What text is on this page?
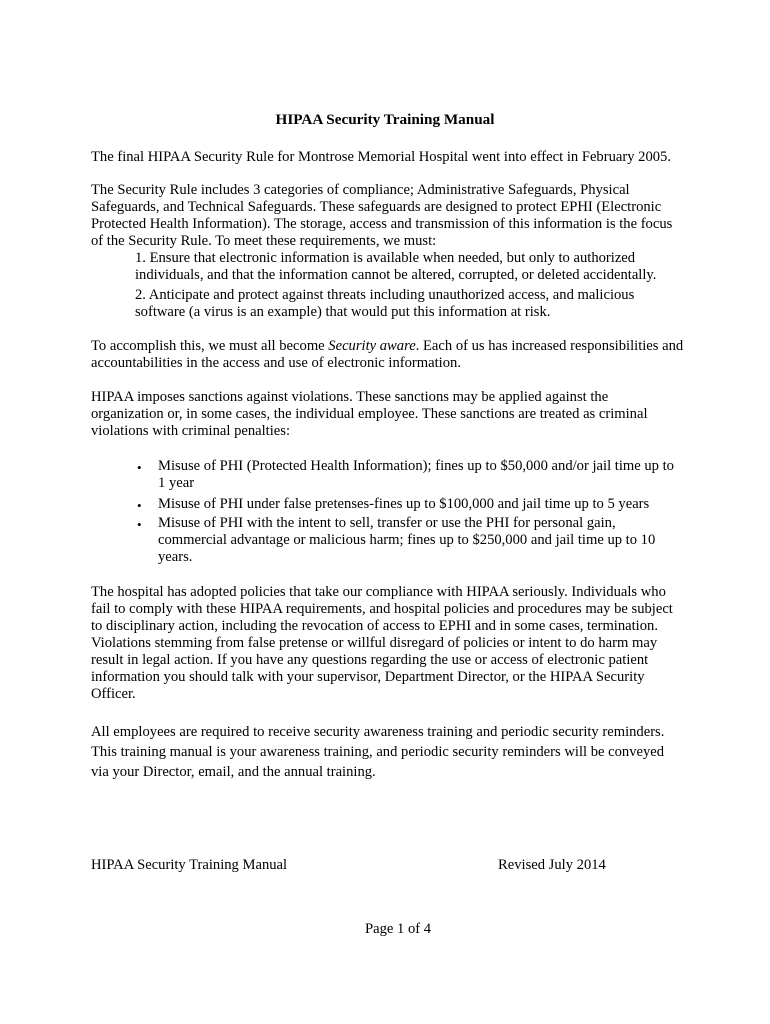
HIPAA Security Training Manual
The final HIPAA Security Rule for Montrose Memorial Hospital went into effect in February 2005.
The Security Rule includes 3 categories of compliance; Administrative Safeguards, Physical
Safeguards, and Technical Safeguards. These safeguards are designed to protect EPHI (Electronic
Protected Health Information). The storage, access and transmission of this information is the focus
of the Security Rule. To meet these requirements, we must:
1. Ensure that electronic information is available when needed, but only to authorized
individuals, and that the information cannot be altered, corrupted, or deleted accidentally.
2. Anticipate and protect against threats including unauthorized access, and malicious
software (a virus is an example) that would put this information at risk.
To accomplish this, we must all become Security aware. Each of us has increased responsibilities and
accountabilities in the access and use of electronic information.
HIPAA imposes sanctions against violations. These sanctions may be applied against the
organization or, in some cases, the individual employee. These sanctions are treated as criminal
violations with criminal penalties:
• Misuse of PHI (Protected Health Information); fines up to $50,000 and/or jail time up to
1 year
• Misuse of PHI under false pretenses-fines up to $100,000 and jail time up to 5 years
• Misuse of PHI with the intent to sell, transfer or use the PHI for personal gain,
commercial advantage or malicious harm; fines up to $250,000 and jail time up to 10
years.
The hospital has adopted policies that take our compliance with HIPAA seriously. Individuals who
fail to comply with these HIPAA requirements, and hospital policies and procedures may be subject
to disciplinary action, including the revocation of access to EPHI and in some cases, termination.
Violations stemming from false pretense or willful disregard of policies or intent to do harm may
result in legal action. If you have any questions regarding the use or access of electronic patient
information you should talk with your supervisor, Department Director, or the HIPAA Security
Officer.
All employees are required to receive security awareness training and periodic security reminders.
This training manual is your awareness training, and periodic security reminders will be conveyed
via your Director, email, and the annual training.
HIPAA Security Training Manual	Revised July 2014
Page 1 of 4
